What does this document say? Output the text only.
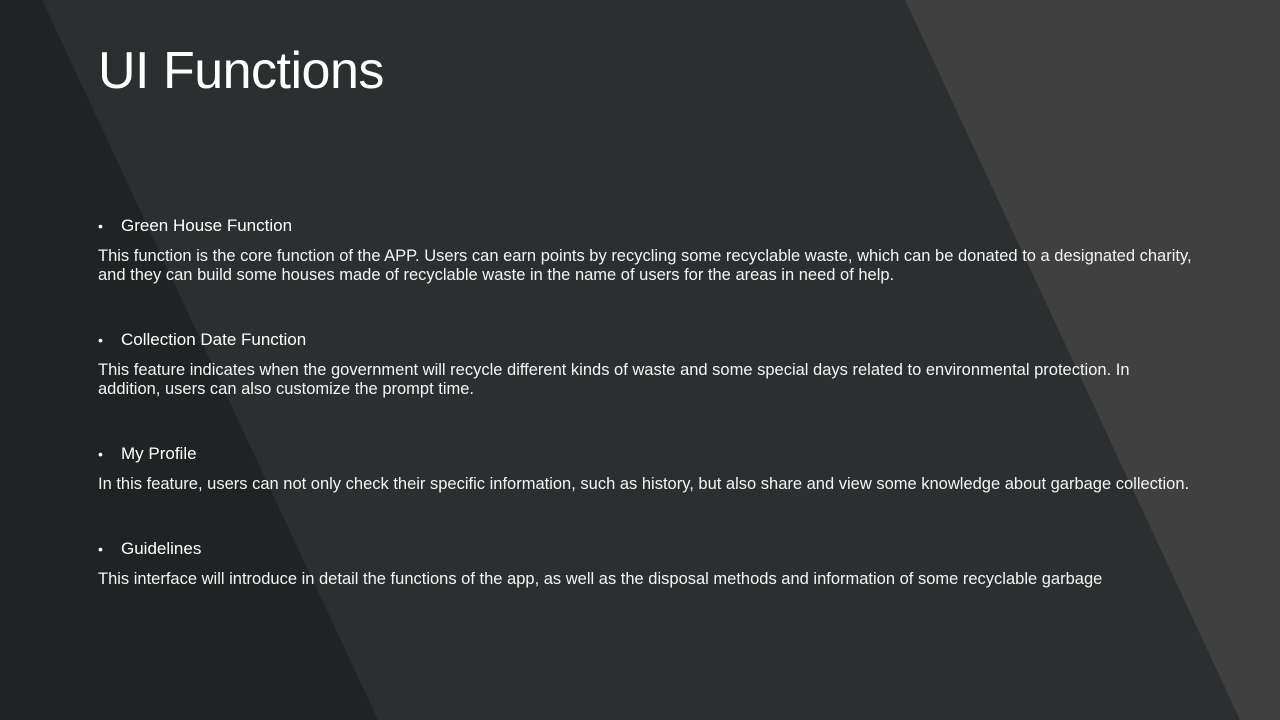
UI Functions
•	Green House Function

This function is the core function of the APP. Users can earn points by recycling some recyclable waste, which can be donated to a designated charity, and they can build some houses made of recyclable waste in the name of users for the areas in need of help.

•	Collection Date Function

This feature indicates when the government will recycle different kinds of waste and some special days related to environmental protection. In addition, users can also customize the prompt time.

•	My Profile

In this feature, users can not only check their specific information, such as history, but also share and view some knowledge about garbage collection.

•	Guidelines

This interface will introduce in detail the functions of the app, as well as the disposal methods and information of some recyclable garbage
